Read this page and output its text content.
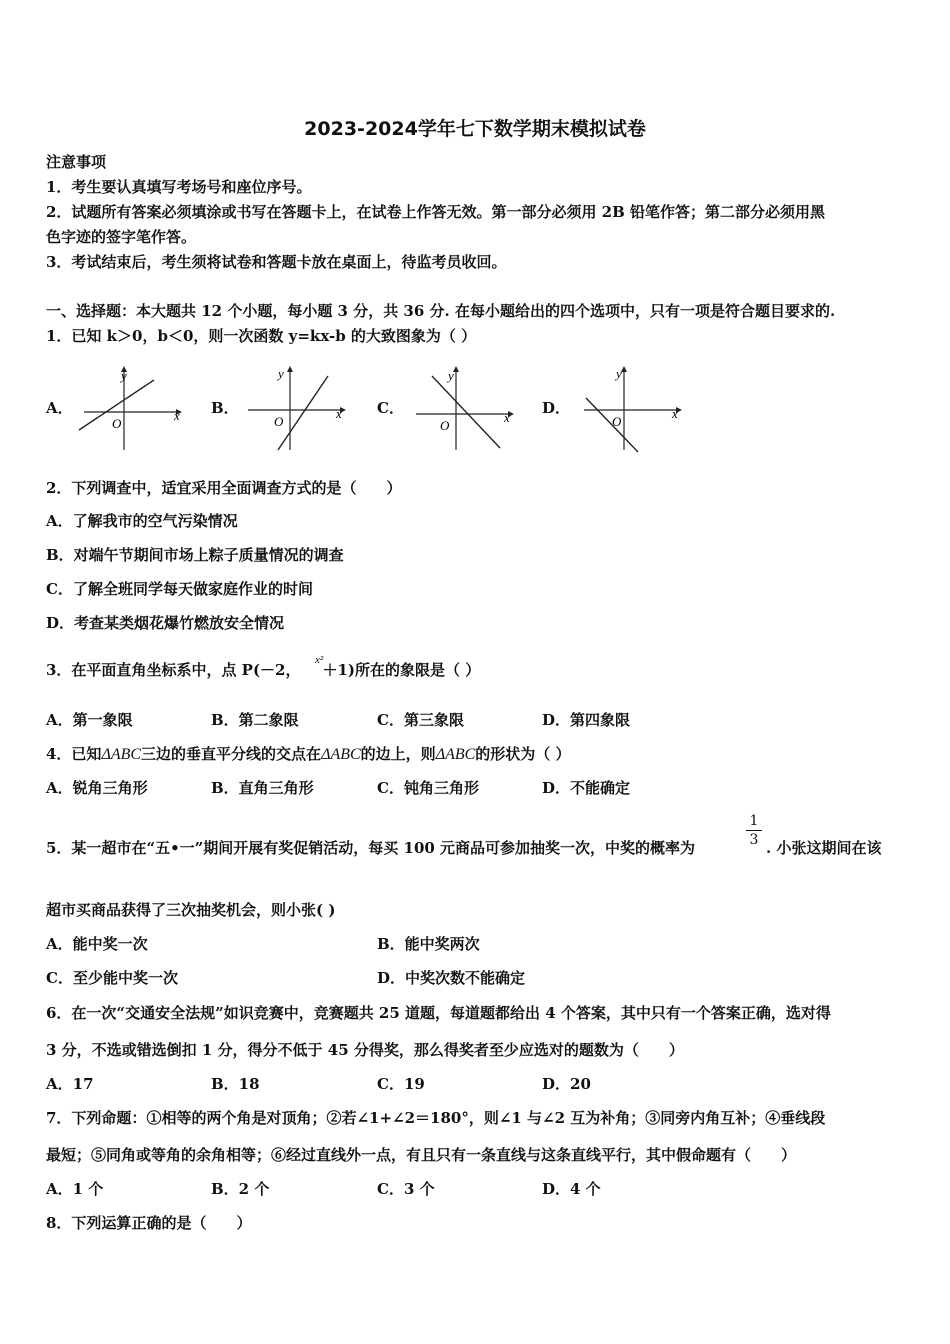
2023-2024学年七下数学期末模拟试卷
注意事项
1．考生要认真填写考场号和座位序号。
2．试题所有答案必须填涂或书写在答题卡上，在试卷上作答无效。第一部分必须用 2B 铅笔作答；第二部分必须用黑
色字迹的签字笔作答。
3．考试结束后，考生须将试卷和答题卡放在桌面上，待监考员收回。
一、选择题：本大题共 12 个小题，每小题 3 分，共 36 分. 在每小题给出的四个选项中，只有一项是符合题目要求的.
1．已知 k＞0，b＜0，则一次函数 y=kx-b 的大致图象为（ ）
A．	B．	C．	D．
y
x
O
y
x
O
y
x
O
y
x
O
2．下列调查中，适宜采用全面调查方式的是（　　）
A．了解我市的空气污染情况
B．对端午节期间市场上粽子质量情况的调查
C．了解全班同学每天做家庭作业的时间
D．考查某类烟花爆竹燃放安全情况
3．在平面直角坐标系中，点 P(－2， ＋1)所在的象限是（ ）
x²
A．第一象限	B．第二象限	C．第三象限	D．第四象限
4．已知ΔABC三边的垂直平分线的交点在ΔABC的边上，则ΔABC的形状为（ ）
A．锐角三角形	B．直角三角形	C．钝角三角形	D．不能确定
5．某一超市在“五•一”期间开展有奖促销活动，每买 100 元商品可参加抽奖一次，中奖的概率为	$\frac{1}{3}$ . 小张这期间在该
超市买商品获得了三次抽奖机会，则小张( )
A．能中奖一次	B．能中奖两次
C．至少能中奖一次	D．中奖次数不能确定
6．在一次“交通安全法规”如识竞赛中，竞赛题共 25 道题，每道题都给出 4 个答案，其中只有一个答案正确，选对得
3 分，不选或错选倒扣 1 分，得分不低于 45 分得奖，那么得奖者至少应选对的题数为（　　）
A．17	B．18	C．19	D．20
7．下列命题：①相等的两个角是对顶角；②若∠1+∠2＝180°，则∠1 与∠2 互为补角；③同旁内角互补；④垂线段
最短；⑤同角或等角的余角相等；⑥经过直线外一点，有且只有一条直线与这条直线平行，其中假命题有（　　）
A．1 个	B．2 个	C．3 个	D．4 个
8．下列运算正确的是（　　）
